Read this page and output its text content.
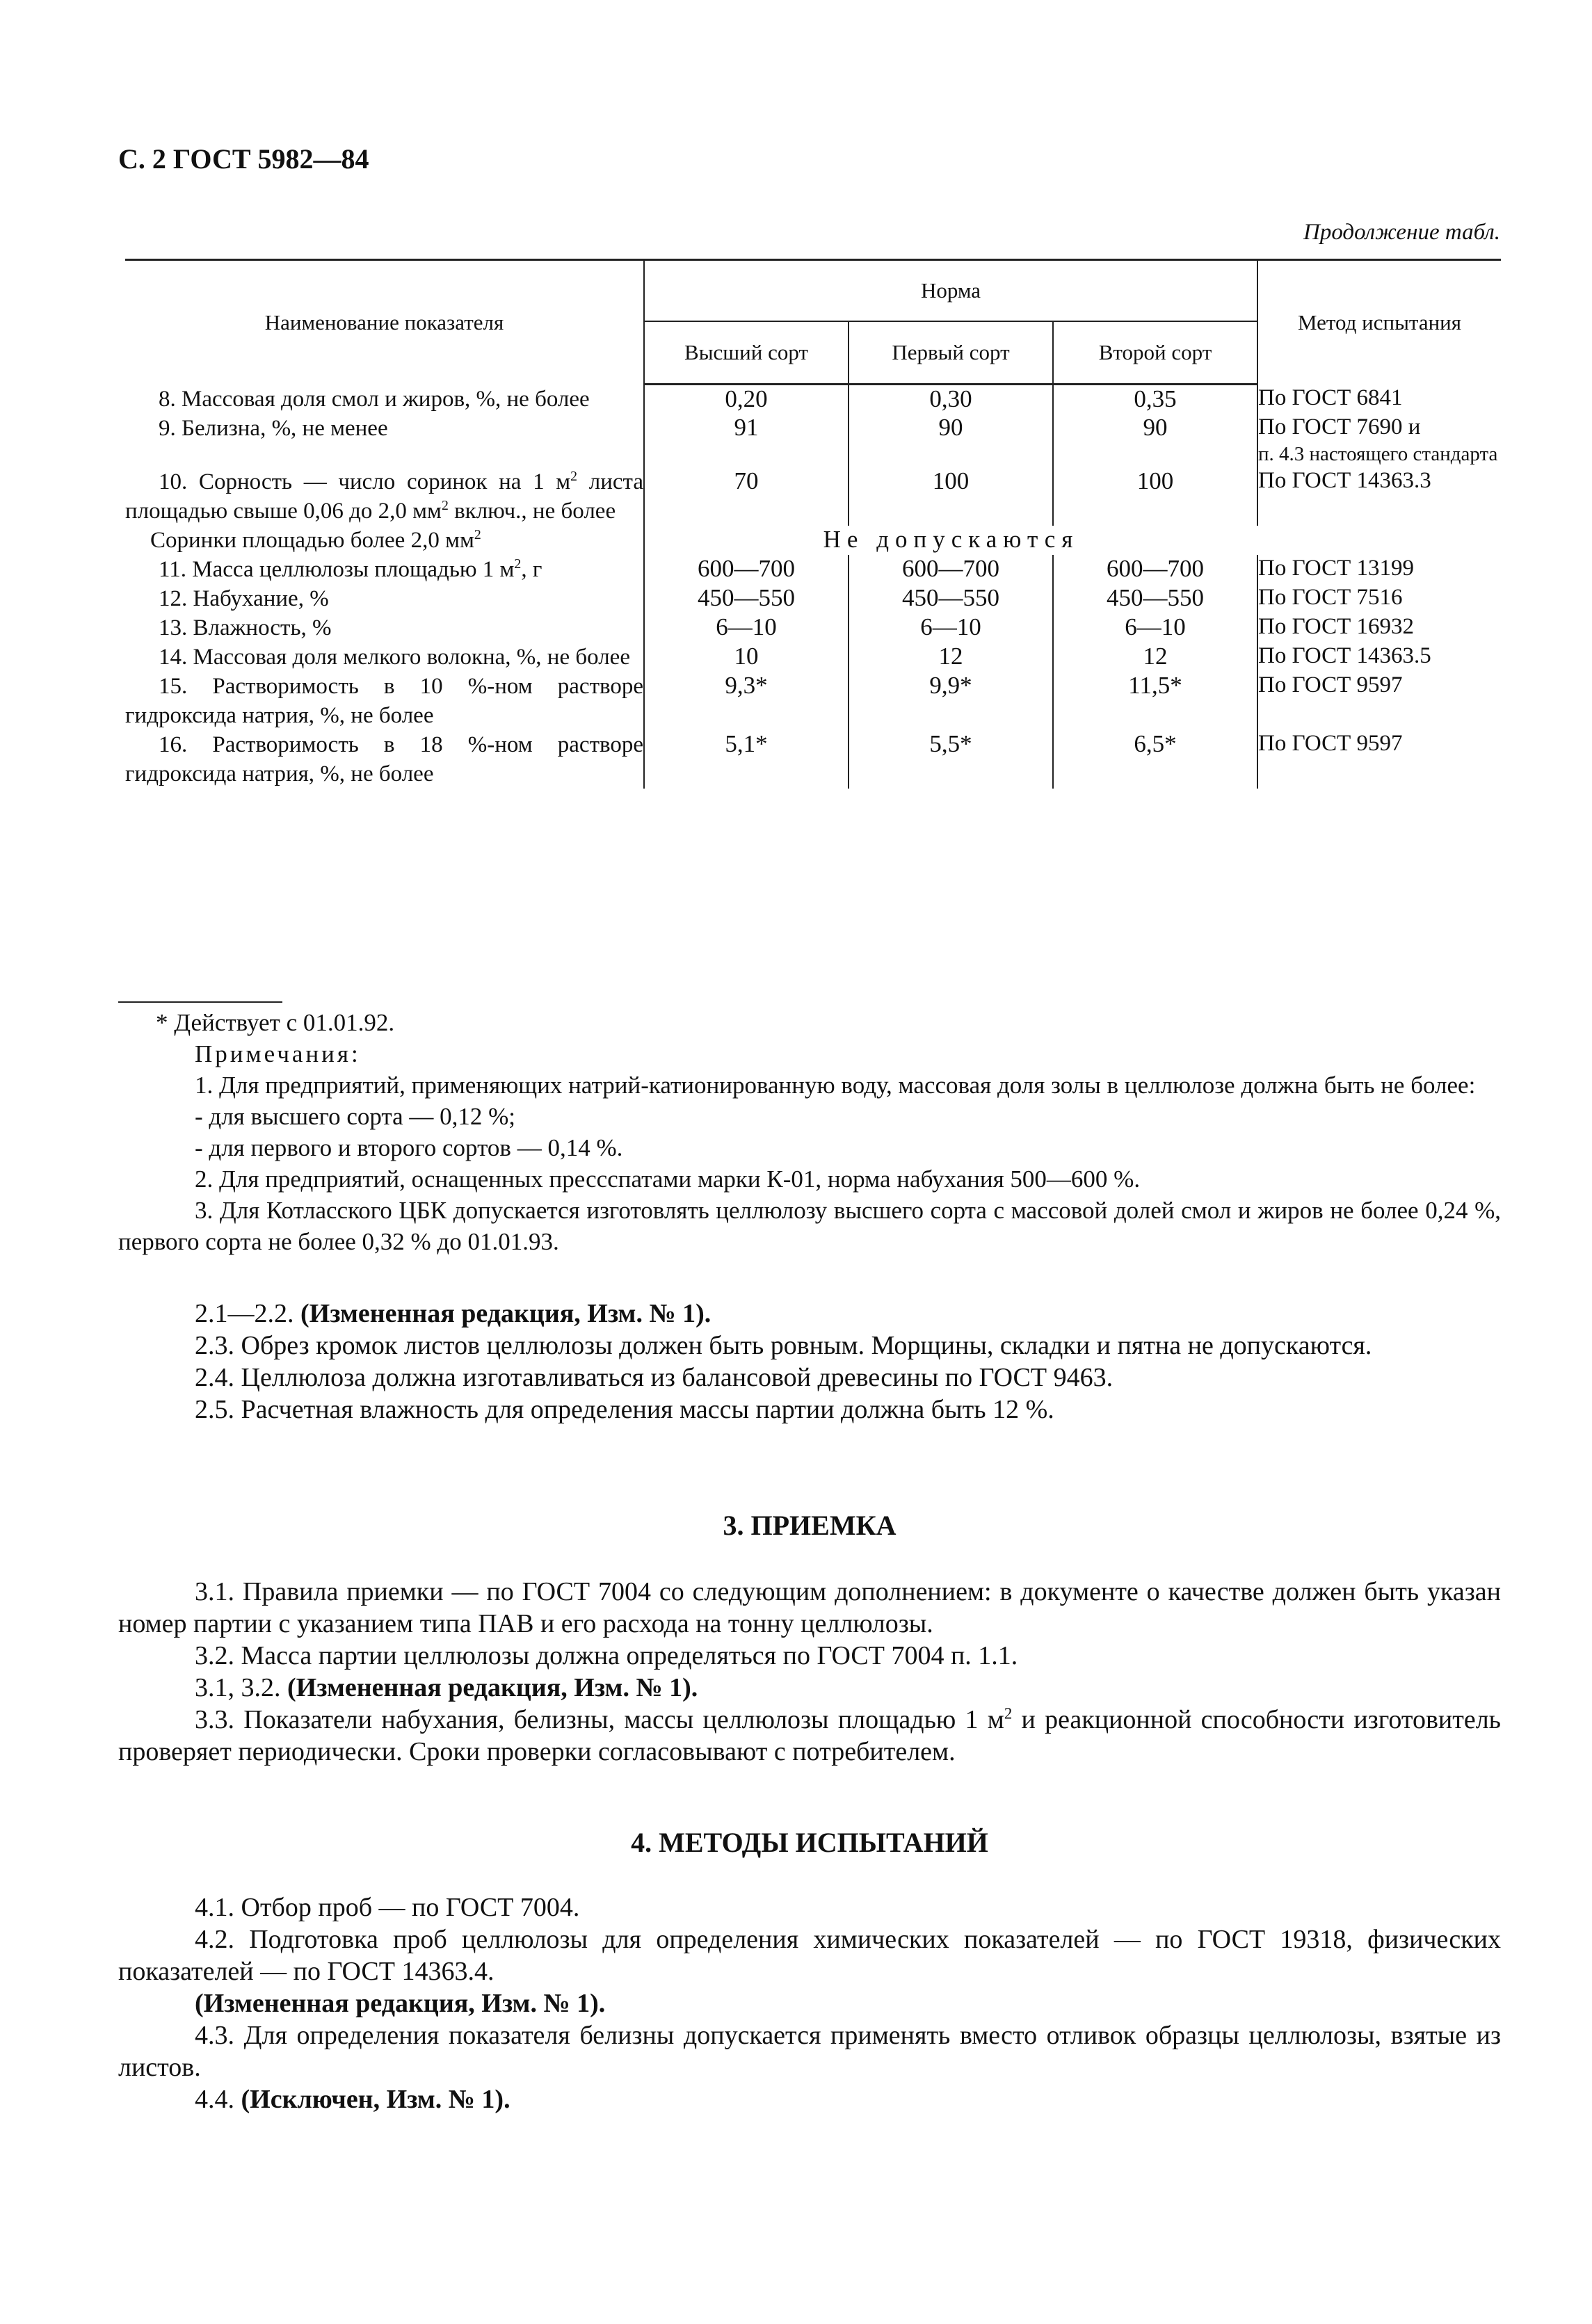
С. 2 ГОСТ 5982—84
Продолжение табл.
Наименование показателя	Норма			Метод испытания
	Высший сорт	Первый сорт	Второй сорт	
8. Массовая доля смол и жиров, %, не более	0,20	0,30	0,35	По ГОСТ 6841
9. Белизна, %, не менее	91	90	90	По ГОСТ 7690 и
п. 4.3 настоящего стандарта
10. Сорность — число соринок на 1 $м^2$ листа площадью свыше 0,06 до 2,0 $мм^2$ включ., не более	70	100	100	По ГОСТ 14363.3
Соринки площадью более 2,0 $мм^2$	Не допускаются			
11. Масса целлюлозы площадью 1 $м^2$, г	600—700	600—700	600—700	По ГОСТ 13199
12. Набухание, %	450—550	450—550	450—550	По ГОСТ 7516
13. Влажность, %	6—10	6—10	6—10	По ГОСТ 16932
14. Массовая доля мелкого волокна, %, не более	10	12	12	По ГОСТ 14363.5
15. Растворимость в 10 %-ном растворе гидроксида натрия, %, не более	9,3*	9,9*	11,5*	По ГОСТ 9597
16. Растворимость в 18 %-ном растворе гидроксида натрия, %, не более	5,1*	5,5*	6,5*	По ГОСТ 9597

* Действует с 01.01.92.

Примечания:

1. Для предприятий, применяющих натрий-катионированную воду, массовая доля золы в целлюлозе должна быть не более:

- для высшего сорта — 0,12 %;

- для первого и второго сортов — 0,14 %.

2. Для предприятий, оснащенных прессспатами марки К-01, норма набухания 500—600 %.

3. Для Котласского ЦБК допускается изготовлять целлюлозу высшего сорта с массовой долей смол и жиров не более 0,24 %, первого сорта не более 0,32 % до 01.01.93.

2.1—2.2. (Измененная редакция, Изм. № 1).

2.3. Обрез кромок листов целлюлозы должен быть ровным. Морщины, складки и пятна не допускаются.

2.4. Целлюлоза должна изготавливаться из балансовой древесины по ГОСТ 9463.

2.5. Расчетная влажность для определения массы партии должна быть 12 %.

3. ПРИЕМКА

3.1. Правила приемки — по ГОСТ 7004 со следующим дополнением: в документе о качестве должен быть указан номер партии с указанием типа ПАВ и его расхода на тонну целлюлозы.

3.2. Масса партии целлюлозы должна определяться по ГОСТ 7004 п. 1.1.

3.1, 3.2. (Измененная редакция, Изм. № 1).

3.3. Показатели набухания, белизны, массы целлюлозы площадью 1 $м^2$ и реакционной способности изготовитель проверяет периодически. Сроки проверки согласовывают с потребителем.

4. МЕТОДЫ ИСПЫТАНИЙ

4.1. Отбор проб — по ГОСТ 7004.

4.2. Подготовка проб целлюлозы для определения химических показателей — по ГОСТ 19318, физических показателей — по ГОСТ 14363.4.

(Измененная редакция, Изм. № 1).

4.3. Для определения показателя белизны допускается применять вместо отливок образцы целлюлозы, взятые из листов.

4.4. (Исключен, Изм. № 1).
